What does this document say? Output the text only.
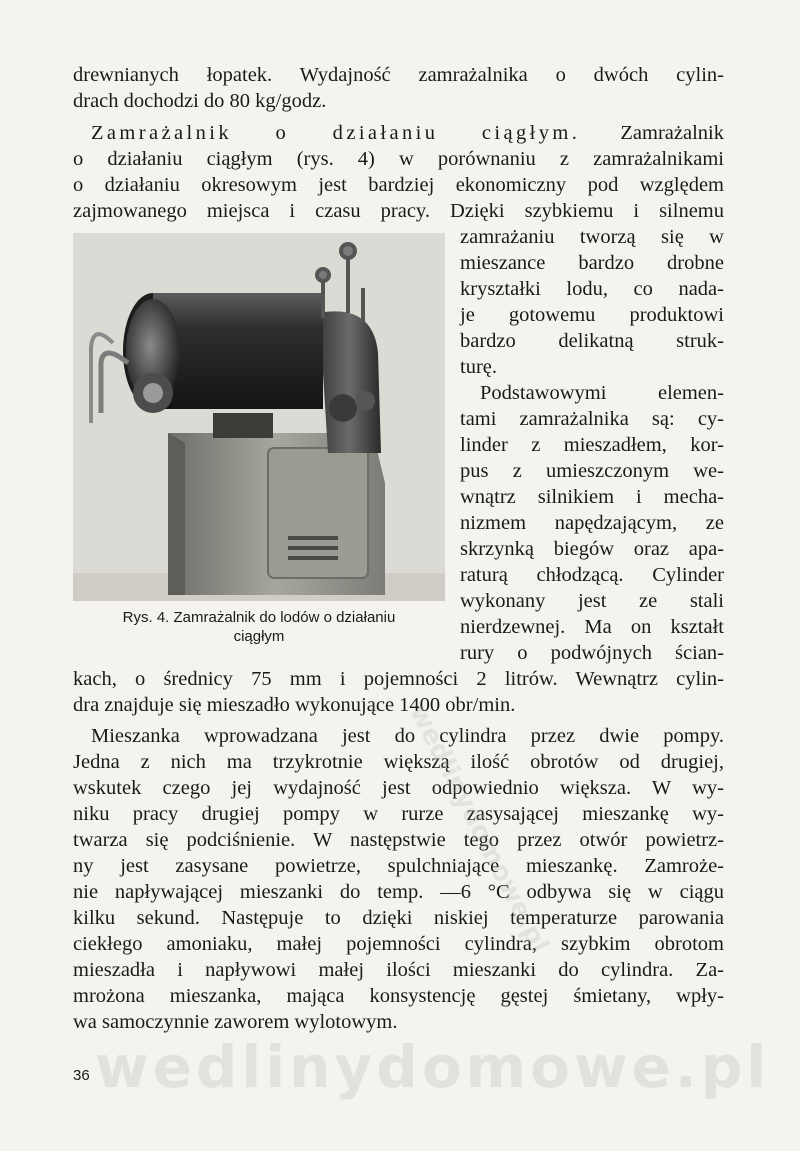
drewnianych łopatek. Wydajność zamrażalnika o dwóch cylin-
drach dochodzi do 80 kg/godz.
Zamrażalnik o działaniu ciągłym. Zamrażalnik
o działaniu ciągłym (rys. 4) w porównaniu z zamrażalnikami
o działaniu okresowym jest bardziej ekonomiczny pod względem
zajmowanego miejsca i czasu pracy. Dzięki szybkiemu i silnemu
zamrażaniu tworzą się w
mieszance bardzo drobne
kryształki lodu, co nada-
je gotowemu produktowi
bardzo delikatną struk-
turę.
Podstawowymi elemen-
tami zamrażalnika są: cy-
linder z mieszadłem, kor-
pus z umieszczonym we-
wnątrz silnikiem i mecha-
nizmem napędzającym, ze
skrzynką biegów oraz apa-
raturą chłodzącą. Cylinder
wykonany jest ze stali
nierdzewnej. Ma on kształt
rury o podwójnych ścian-
kach, o średnicy 75 mm i pojemności 2 litrów. Wewnątrz cylin-
dra znajduje się mieszadło wykonujące 1400 obr/min.
Mieszanka wprowadzana jest do cylindra przez dwie pompy.
Jedna z nich ma trzykrotnie większą ilość obrotów od drugiej,
wskutek czego jej wydajność jest odpowiednio większa. W wy-
niku pracy drugiej pompy w rurze zasysającej mieszankę wy-
twarza się podciśnienie. W następstwie tego przez otwór powietrz-
ny jest zasysane powietrze, spulchniające mieszankę. Zamroże-
nie napływającej mieszanki do temp. —6 °C odbywa się w ciągu
kilku sekund. Następuje to dzięki niskiej temperaturze parowania
ciekłego amoniaku, małej pojemności cylindra, szybkim obrotom
mieszadła i napływowi małej ilości mieszanki do cylindra. Za-
mrożona mieszanka, mająca konsystencję gęstej śmietany, wpły-
wa samoczynnie zaworem wylotowym.
Rys. 4. Zamrażalnik do lodów o działaniu
ciągłym
wedlinydomowe.pl
wedlinydomowe.pl
36
